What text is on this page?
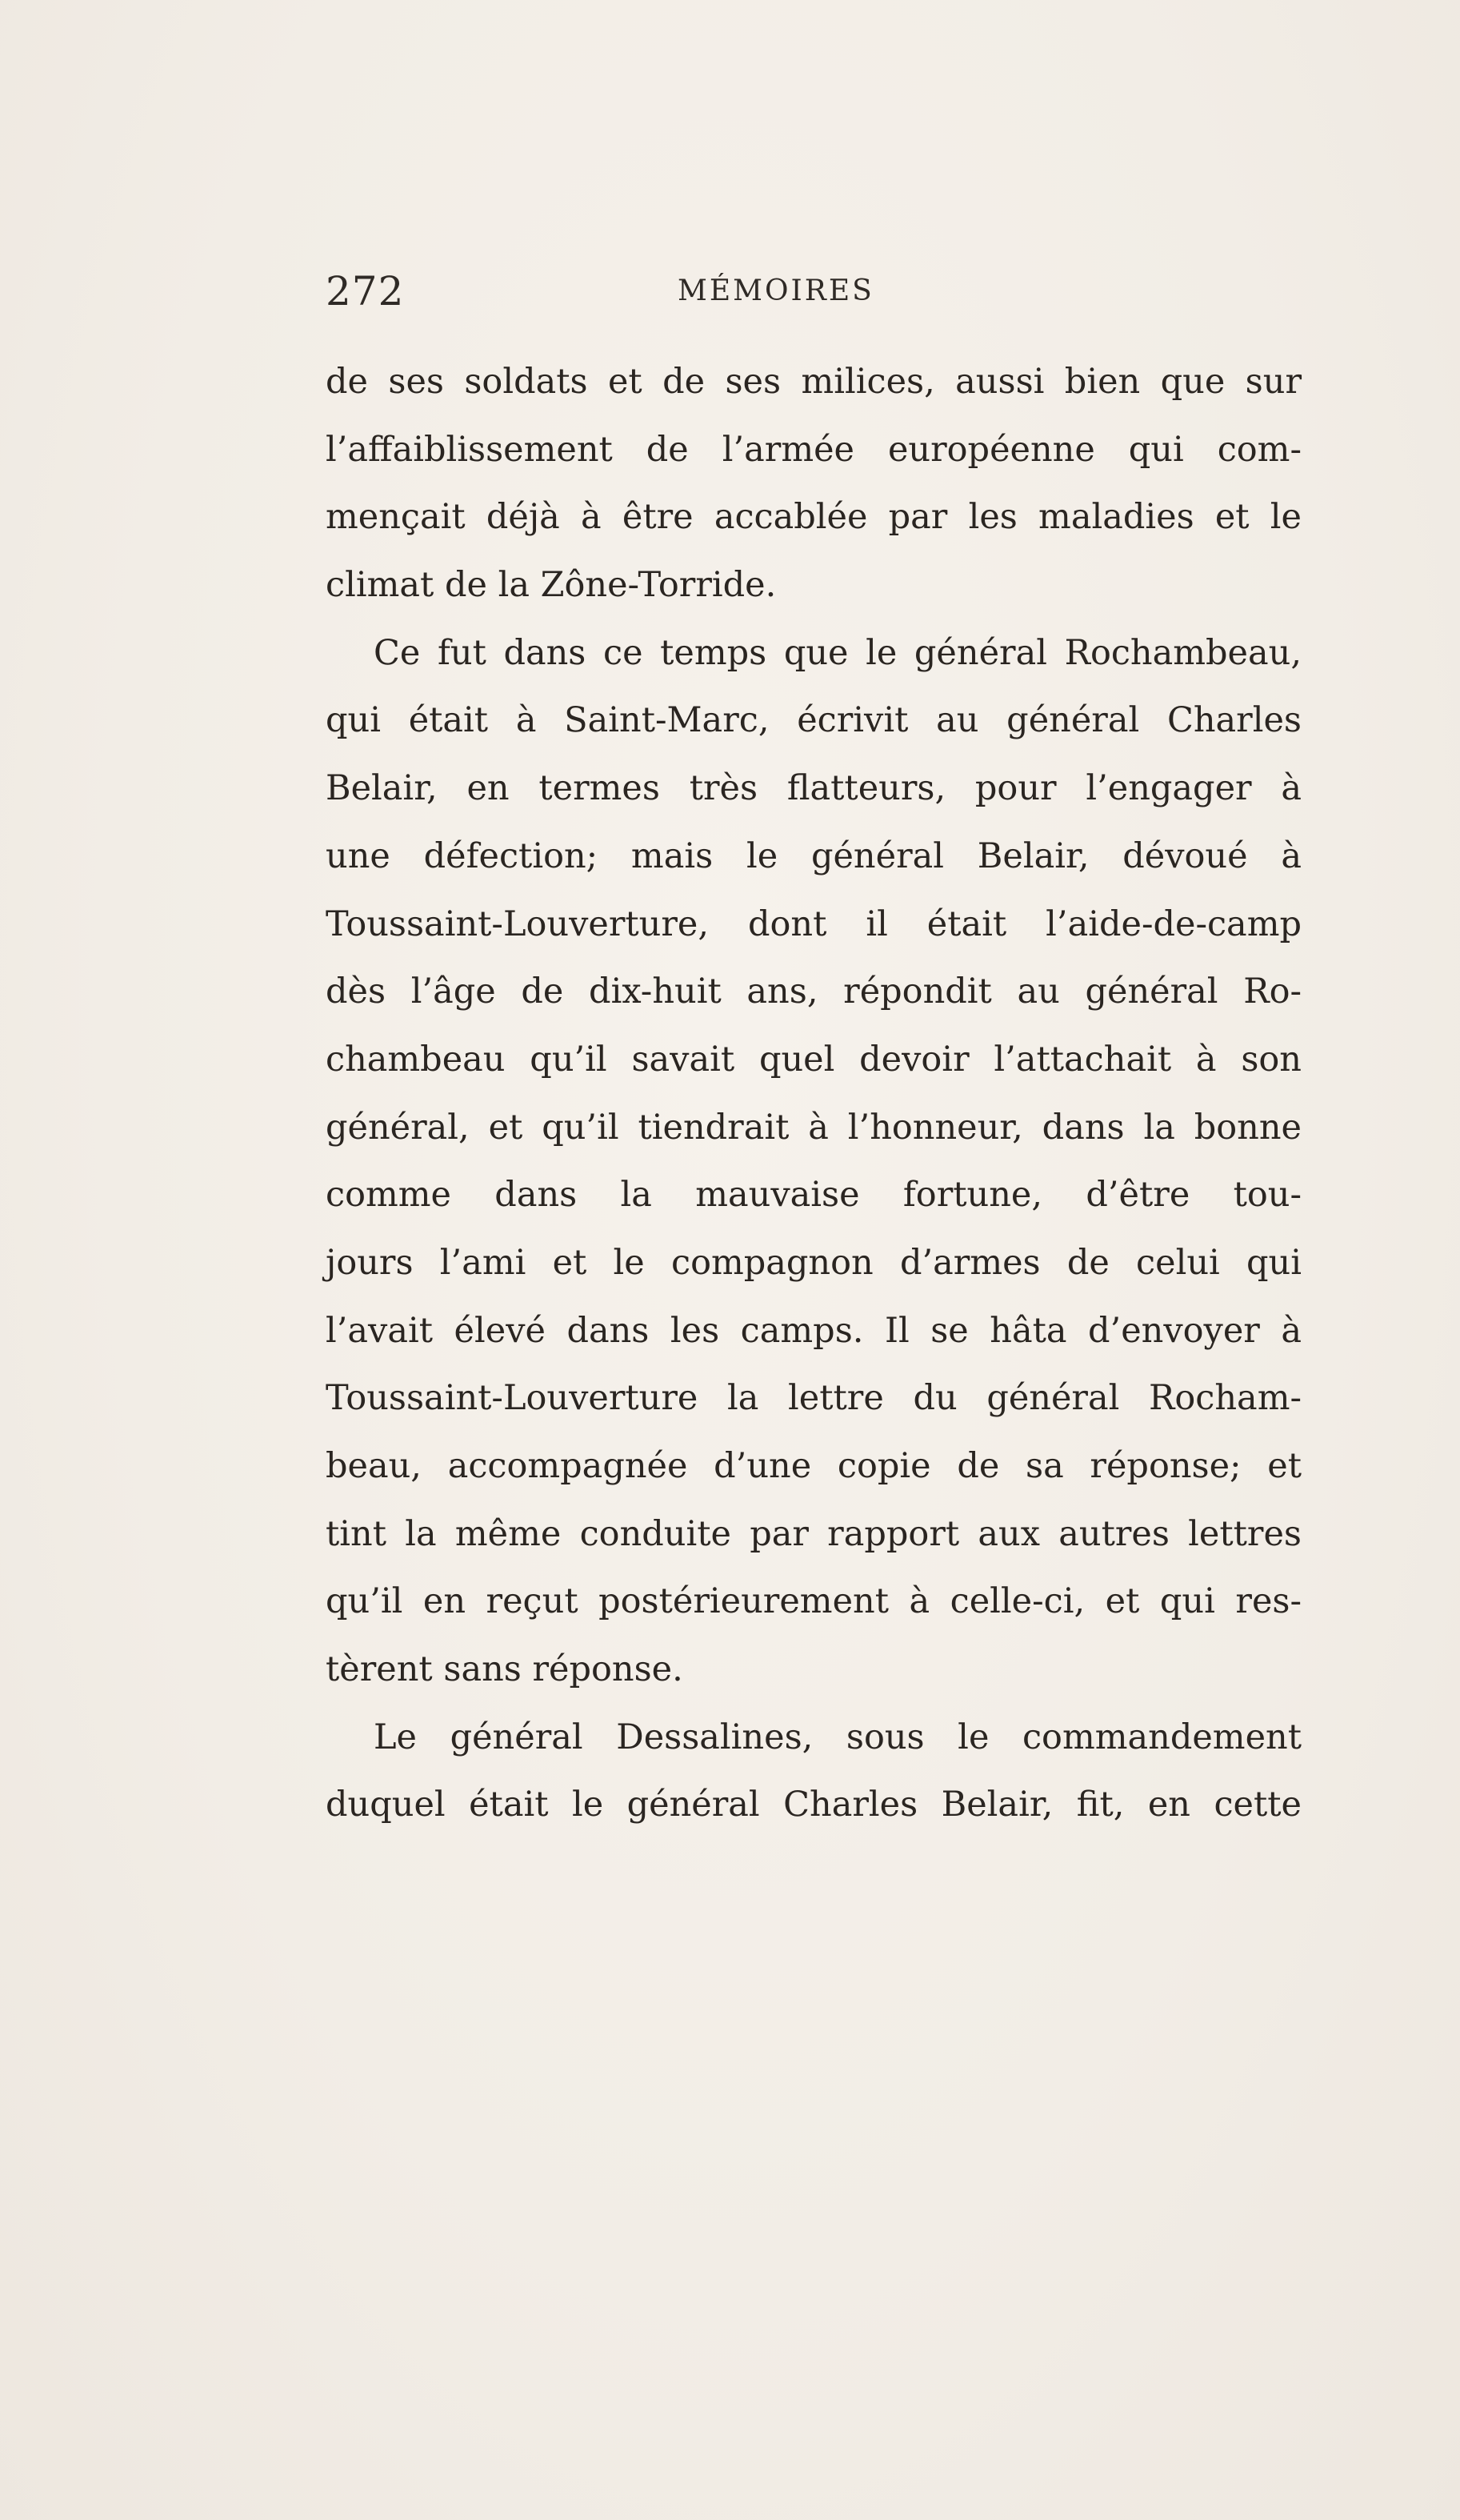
272	MÉMOIRES
de ses soldats et de ses milices, aussi bien que sur
l’affaiblissement de l’armée européenne qui com-
mençait déjà à être accablée par les maladies et le
climat de la Zône-Torride.
Ce fut dans ce temps que le général Rochambeau,
qui était à Saint-Marc, écrivit au général Charles
Belair, en termes très flatteurs, pour l’engager à
une défection; mais le général Belair, dévoué à
Toussaint-Louverture, dont il était l’aide-de-camp
dès l’âge de dix-huit ans, répondit au général Ro-
chambeau qu’il savait quel devoir l’attachait à son
général, et qu’il tiendrait à l’honneur, dans la bonne
comme dans la mauvaise fortune, d’être tou-
jours l’ami et le compagnon d’armes de celui qui
l’avait élevé dans les camps. Il se hâta d’envoyer à
Toussaint-Louverture la lettre du général Rocham-
beau, accompagnée d’une copie de sa réponse; et
tint la même conduite par rapport aux autres lettres
qu’il en reçut postérieurement à celle-ci, et qui res-
tèrent sans réponse.
Le général Dessalines, sous le commandement
duquel était le général Charles Belair, fit, en cette
